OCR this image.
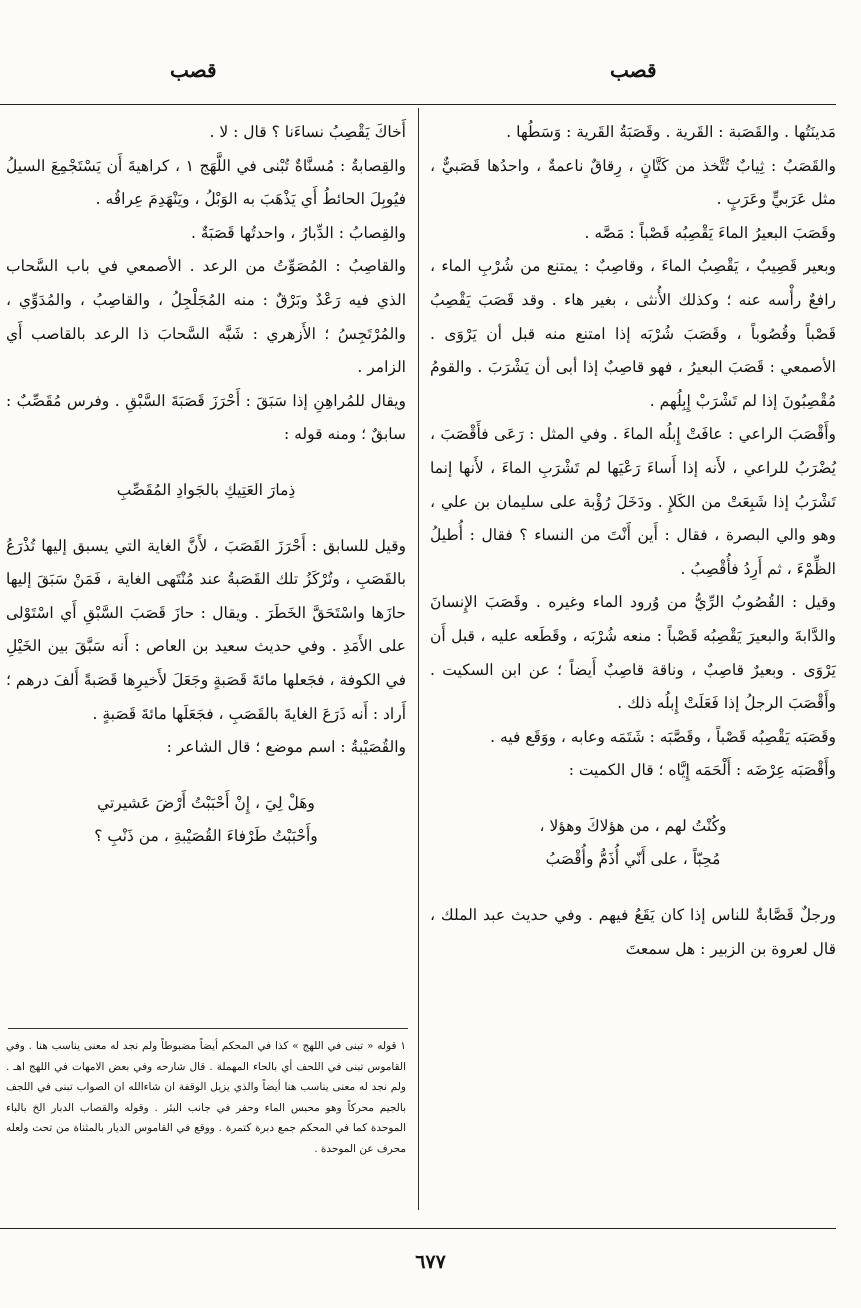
قصب
قصب

مَدينَتُها . والقَصَبة : القَرية . وقَصَبَةُ القَرية : وَسَطُها .

والقَصَبُ : ثِيابٌ تُتَّخذ من كَتَّانٍ ، رِقاقٌ ناعمةٌ ، واحدُها قَصَبيٌّ ، مثل عَرَبيٍّ وعَرَبٍ .

وقَصَبَ البعيرُ الماءَ يَقْصِبُه قَصْباً : مَصَّه .

وبعير قَصِيبٌ ، يَقْصِبُ الماءَ ، وقاصِبٌ : يمتنع من شُرْبِ الماء ، رافعٌ رأْسه عنه ؛ وكذلك الأُنثى ، بغير هاء . وقد قَصَبَ يَقْصِبُ قَصْباً وقُصُوباً ، وقَصَبَ شُرْبَه إذا امتنع منه قبل أن يَرْوَى . الأصمعي : قَصَبَ البعيرُ ، فهو قاصِبٌ إذا أبى أن يَشْرَبَ . والقومُ مُقْصِبُونَ إذا لم تَشْرَبْ إِبِلُهم .

وأَقْصَبَ الراعي : عافَتْ إِبلُه الماءَ . وفي المثل : رَعَى فأَقْصَبَ ، يُضْرَبُ للراعي ، لأَنه إذا أَساءَ رَعْيَها لم تَشْرَبِ الماءَ ، لأَنها إنما تَشْرَبُ إذا شَبِعَتْ من الكَلإِ . ودَخَلَ رُؤْبة على سليمان بن علي ، وهو والي البصرة ، فقال : أَين أَنْتَ من النساء ؟ فقال : أُطيلُ الظِّمْءَ ، ثم أَرِدُ فأُقْصِبُ .

وقيل : القُصُوبُ الرِّيُّ من وُرود الماء وغيره . وقَصَبَ الإِنسانَ والدَّابةَ والبعيرَ يَقْصِبُه قَصْباً : منعه شُرْبَه ، وقَطَعه عليه ، قبل أَن يَرْوَى . وبعيرٌ قاصِبٌ ، وناقة قاصِبٌ أَيضاً ؛ عن ابن السكيت . وأَقْصَبَ الرجلُ إذا فَعَلَتْ إِبلُه ذلك .

وقَصَبَه يَقْصِبُه قَصْباً ، وقَصَّبَه : شَتَمَه وعابه ، ووَقَع فيه .

وأَقْصَبَه عِرْضَه : أَلْحَمَه إِيَّاه ؛ قال الكميت :

وكُنْتُ لهم ، من هؤلاكَ وهؤلا ،

مُحِبّاً ، على أَنّي أُذَمُّ وأُقْصَبُ

ورجلٌ قَصَّابةٌ للناس إذا كان يَقَعُ فيهم . وفي حديث عبد الملك ، قال لعروة بن الزبير : هل سمعتَ

أَخاكَ يَقْصِبُ نساءَنا ؟ قال : لا .

والقِصابةُ : مُسنَّاةٌ تُبْنى في اللَّهَج ١ ، كراهيةَ أَن يَسْتَجْمِعَ السيلُ فيُوبِلَ الحائطُ أَي يَذْهَبَ به الوَبْلُ ، ويَنْهَدِمَ عِراقُه .

والقِصابُ : الدِّبارُ ، واحدتُها قَصَبَةٌ .

والقاصِبُ : المُصَوِّتُ من الرعد . الأصمعي في باب السَّحاب الذي فيه رَعْدٌ وبَرْقٌ : منه المُجَلْجِلُ ، والقاصِبُ ، والمُدَوِّي ، والمُرْتَجِسُ ؛ الأَزهري : شَبَّه السَّحابَ ذا الرعد بالقاصب أَي الزامر .

ويقال للمُراهِنِ إذا سَبَقَ : أَحْرَزَ قَصَبَةَ السَّبْقِ . وفرس مُقَصِّبٌ : سابقٌ ؛ ومنه قوله :

ذِمارَ العَتِيكِ بالجَوادِ المُقَصِّبِ

وقيل للسابق : أَحْرَزَ القَصَبَ ، لأَنَّ الغاية التي يسبق إليها تُذْرَعُ بالقَصَبِ ، وتُرْكَزُ تلك القَصَبةُ عند مُنْتَهى الغاية ، فَمَنْ سَبَقَ إليها حازَها واسْتَحَقَّ الخَطَرَ . ويقال : حازَ قَصَبَ السَّبْقِ أَي اسْتَوْلى على الأَمَدِ . وفي حديث سعيد بن العاص : أَنه سَبَّقَ بين الخَيْلِ في الكوفة ، فجَعلها مائةَ قَصَبةٍ وجَعَلَ لأَخيرِها قَصَبةً أَلفَ درهم ؛ أَراد : أَنه ذَرَعَ الغايةَ بالقَصَبِ ، فجَعَلَها مائةَ قَصَبةٍ .

والقُصَيْبةُ : اسم موضع ؛ قال الشاعر :

وهَلْ لِيَ ، إِنْ أَحْبَبْتُ أَرْضَ عَشيرتي

وأَحْبَبْتُ طَرْفاءَ القُصَيْبةِ ، من ذَنْبِ ؟

١ قوله « تبنى في اللهج » كذا في المحكم أيضاً مضبوطاً ولم نجد له معنى يناسب هنا . وفي القاموس تبنى في اللحف أي بالحاء المهملة . قال شارحه وفي بعض الامهات في اللهج اهـ . ولم نجد له معنى يناسب هنا أيضاً والذي يزيل الوقفة ان شاءالله ان الصواب تبنى في اللجف بالجيم محركاً وهو محبس الماء وحفر في جانب البئر . وقوله والقصاب الدبار الخ بالباء الموحدة كما في المحكم جمع دبرة كتمرة . ووقع في القاموس الديار بالمثناة من تحت ولعله محرف عن الموحدة .

٦٧٧
